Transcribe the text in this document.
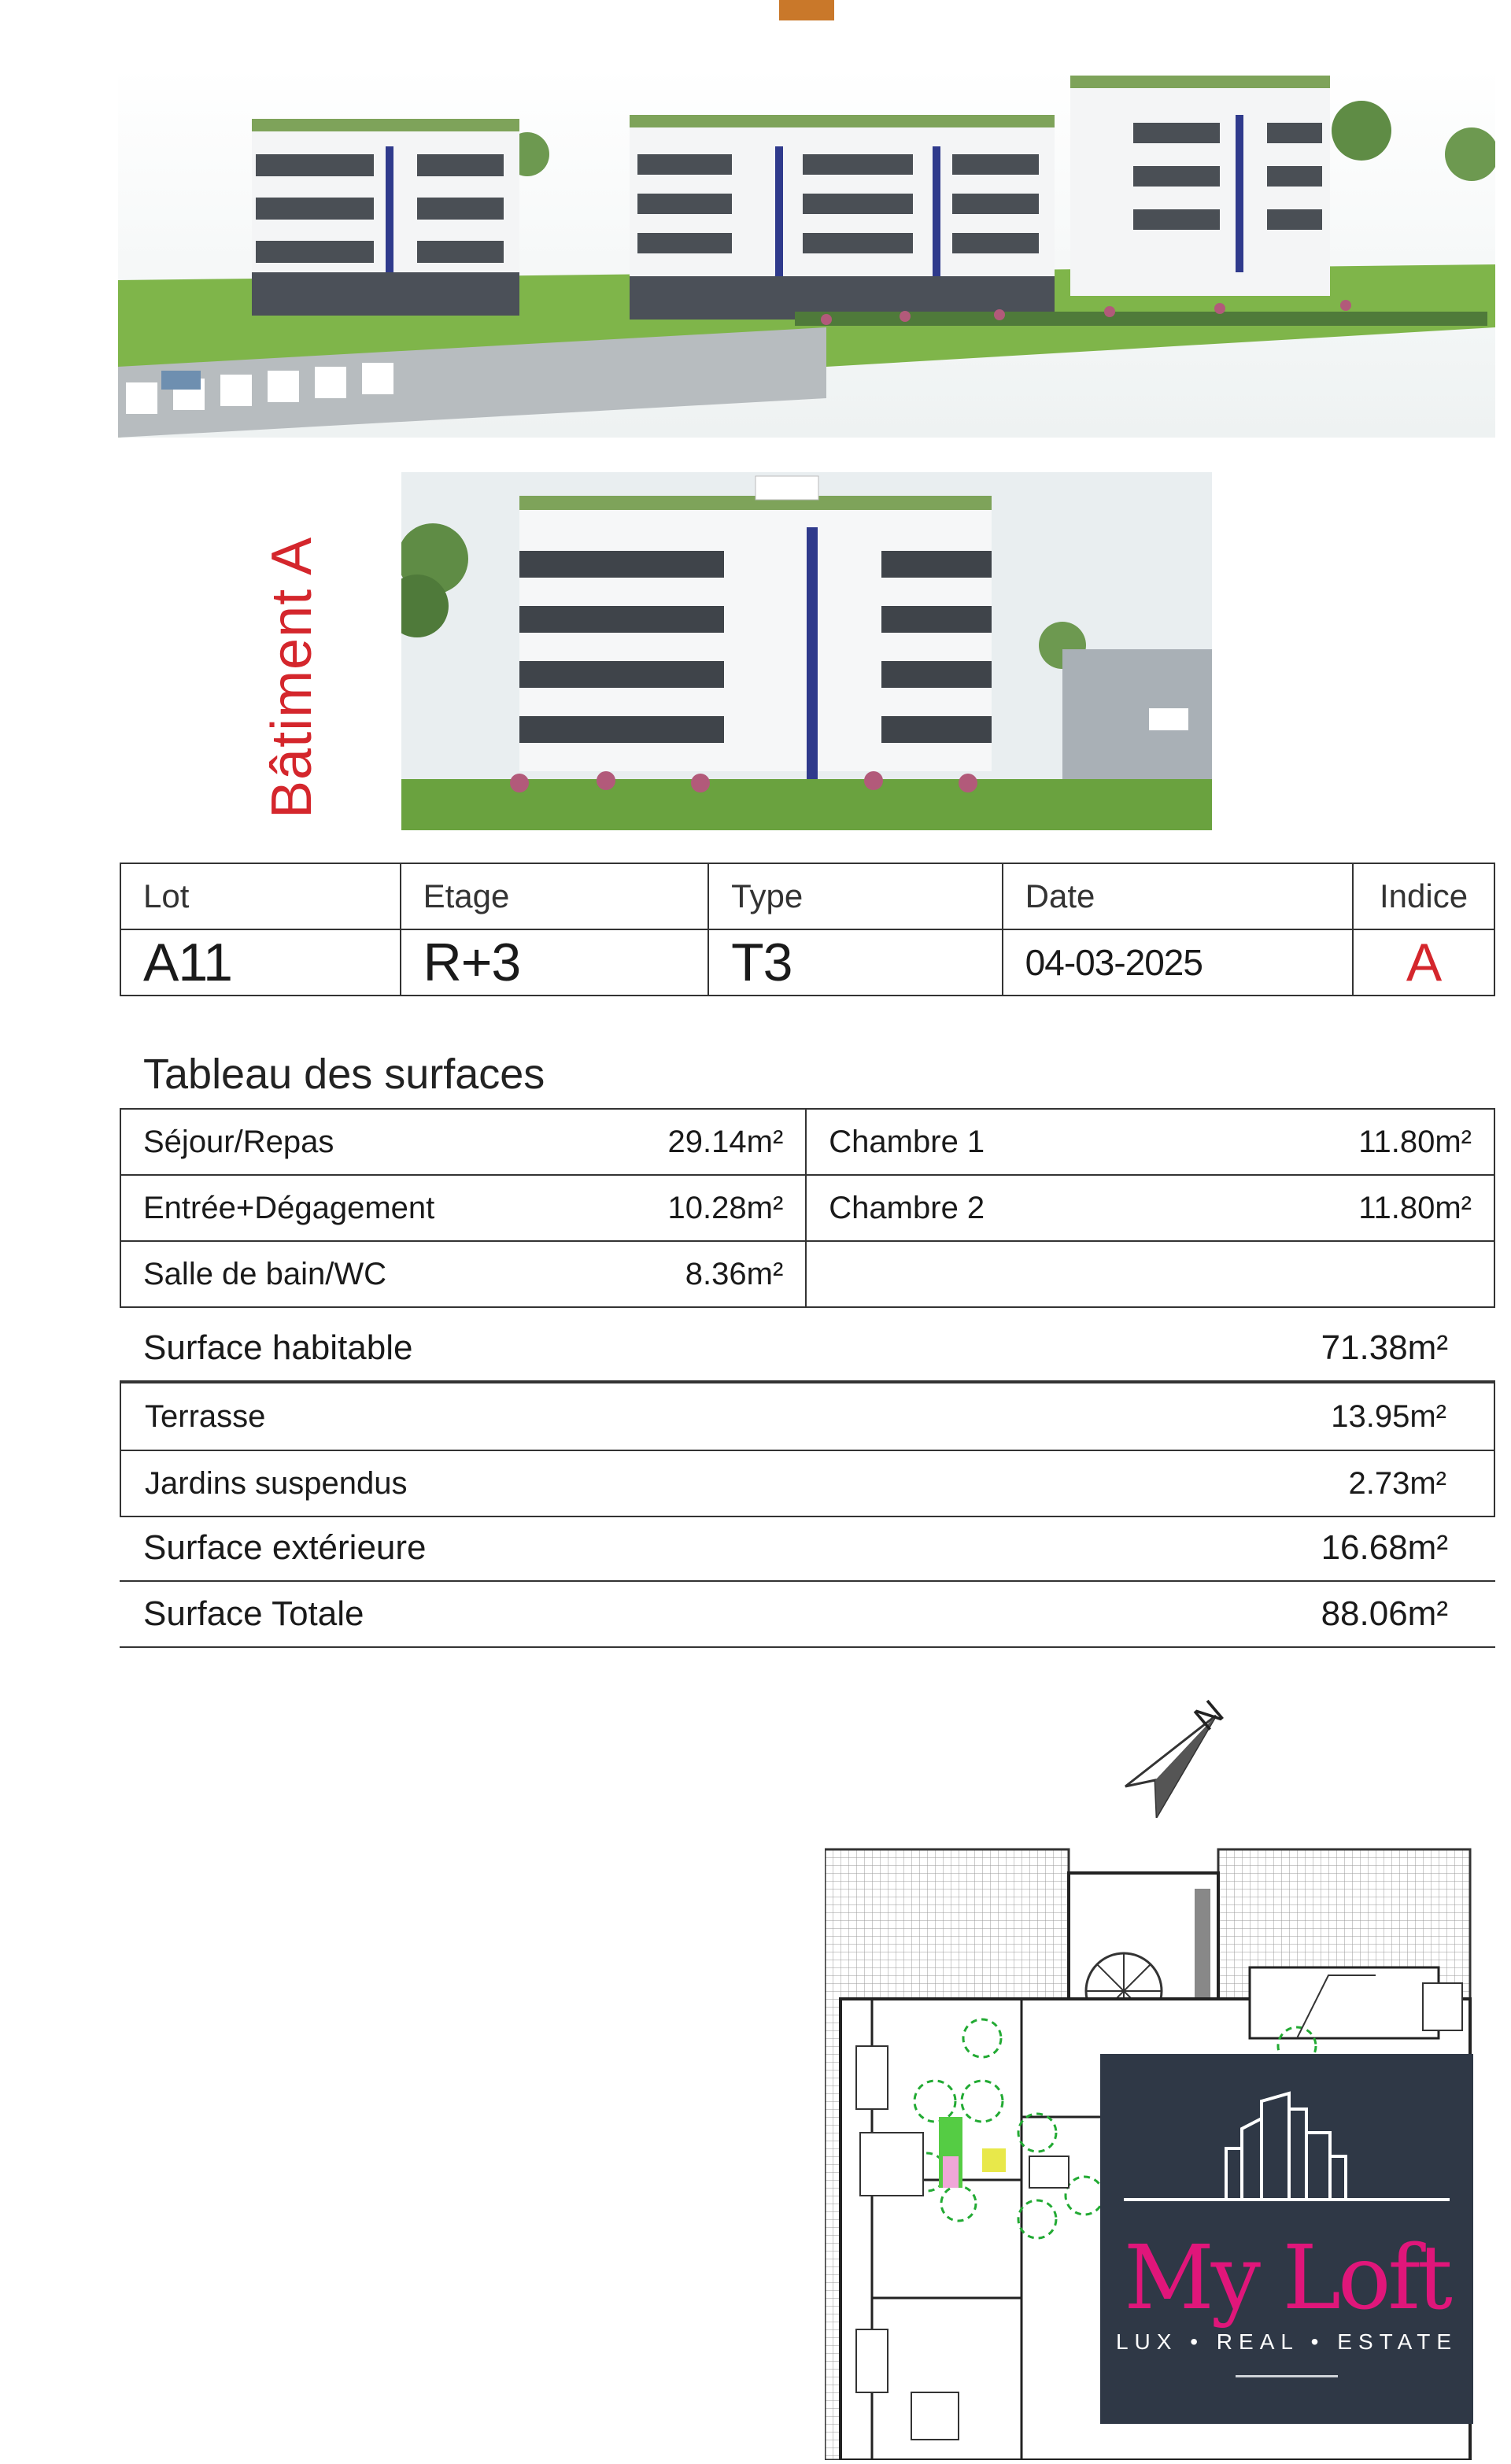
Bâtiment A
Lot	Etage	Type	Date	Indice
A11	R+3	T3	04-03-2025	A
Tableau des surfaces
Séjour/Repas	29.14m²	Chambre 1	11.80m²
Entrée+Dégagement	10.28m²	Chambre 2	11.80m²
Salle de bain/WC	8.36m²		
Surface habitable	71.38m²
Terrasse	13.95m²
Jardins suspendus	2.73m²
Surface extérieure	16.68m²
Surface Totale	88.06m²
N
My Loft
LUX • REAL • ESTATE
